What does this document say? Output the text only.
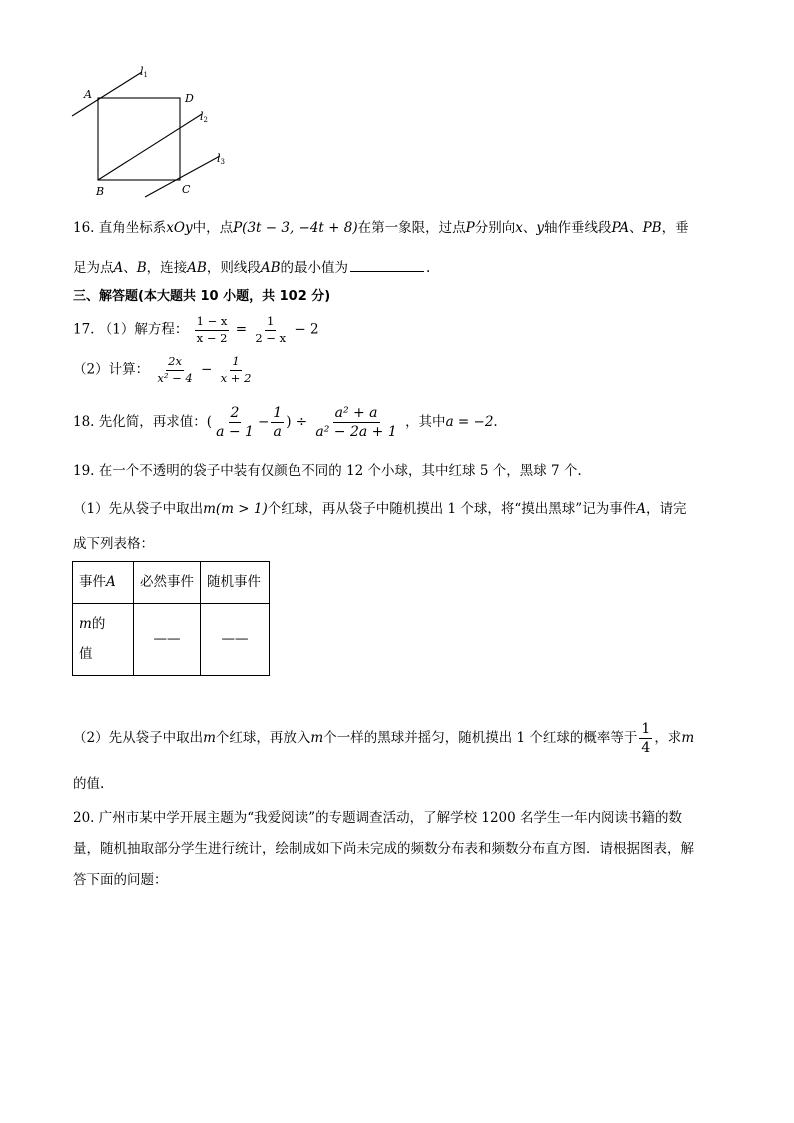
A	D
B	C
l1
l2
l3
16. 直角坐标系xOy中，点P(3t − 3, −4t + 8)在第一象限，过点P分别向x、y轴作垂线段PA、PB，垂
足为点A、B，连接AB，则线段AB的最小值为	.
三、解答题(本大题共 10 小题，共 102 分)
17. （1）解方程： $\frac{1 - x}{x - 2} = \frac{1}{2 - x} - 2$
（2）计算： $\frac{2x}{\text{x² − 4}} - \frac{1}{x + 2}$
18. 先化简，再求值：( $\frac{2}{a - 1} - \frac{1}{a}$ ) ÷ $\frac{\text{a² + a}}{\text{a² − 2a + 1}}$ ，其中a = −2.
19. 在一个不透明的袋子中装有仅颜色不同的 12 个小球，其中红球 5 个，黑球 7 个.
（1）先从袋子中取出m(m > 1)个红球，再从袋子中随机摸出 1 个球，将“摸出黑球”记为事件A，请完
成下列表格：
事件A	必然事件	随机事件
m的
值	——	——
（2）先从袋子中取出m个红球，再放入m个一样的黑球并摇匀，随机摸出 1 个红球的概率等于 $\frac{1}{4}$ ，求m
的值.
20. 广州市某中学开展主题为“我爱阅读”的专题调查活动，了解学校 1200 名学生一年内阅读书籍的数
量，随机抽取部分学生进行统计，绘制成如下尚未完成的频数分布表和频数分布直方图．请根据图表，解
答下面的问题：
